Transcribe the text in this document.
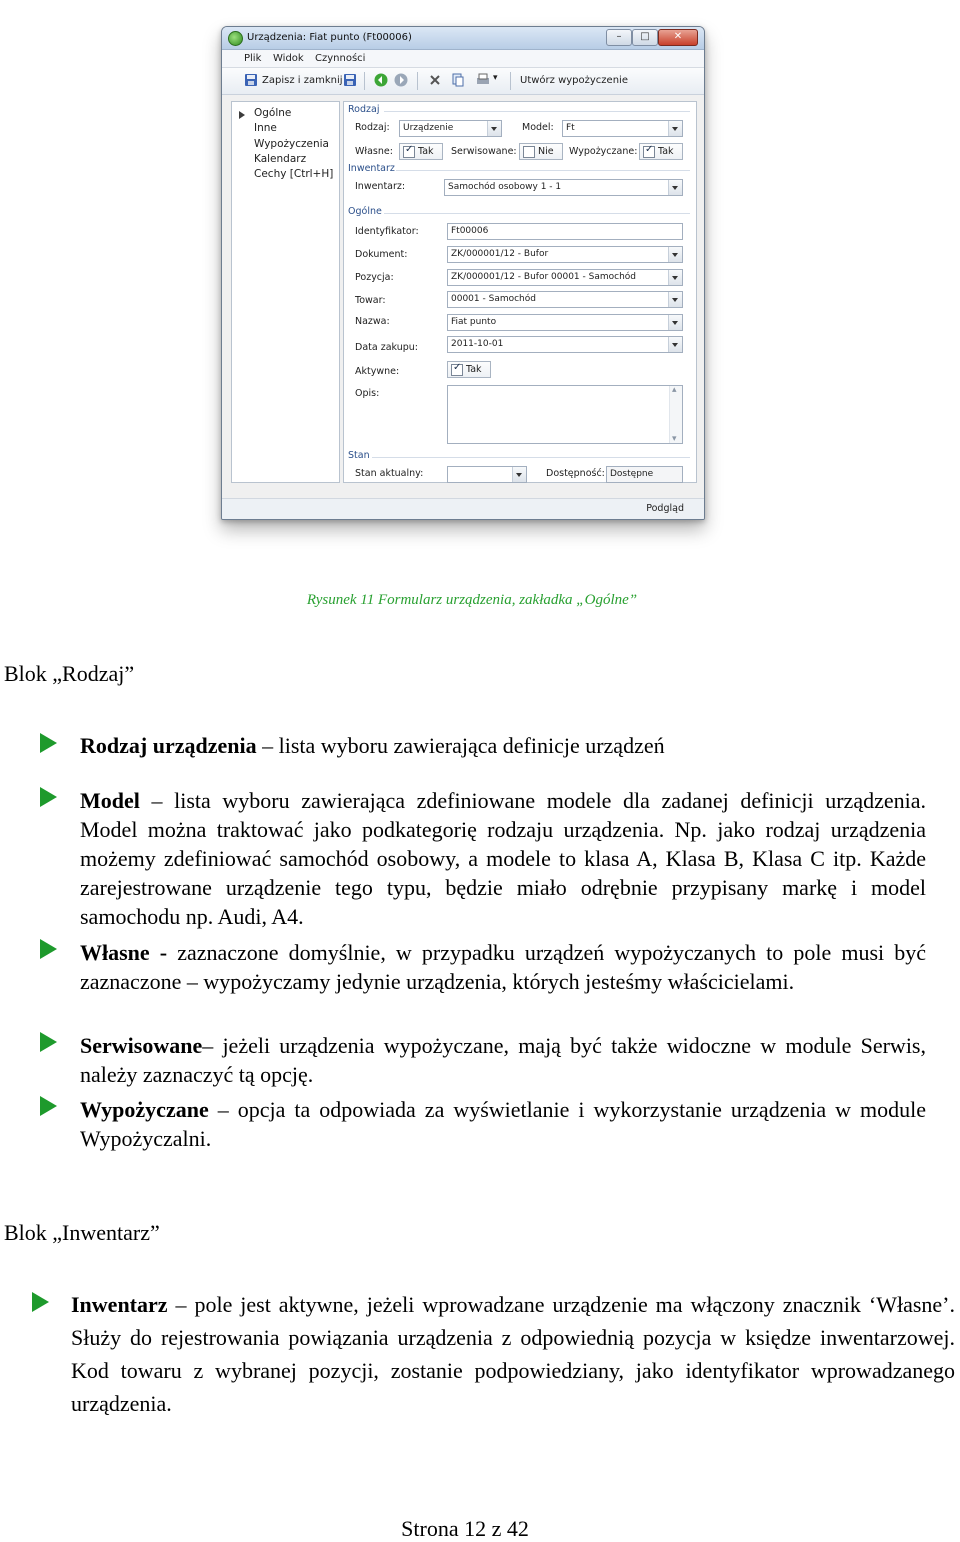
Urządzenia: Fiat punto (Ft00006)	–	□	✕
Plik Widok Czynności
Zapisz i zamknij	▾ Utwórz wypożyczenie
Ogólne
Inne
Wypożyczenia
Kalendarz
Cechy [Ctrl+H]
Rodzaj
Rodzaj: Urządzenie	Model: Ft
Własne: ✓	Tak Serwisowane: Nie Wypożyczane: ✓ Tak
Inwentarz
Inwentarz:	Samochód osobowy 1 - 1
Ogólne
Identyfikator:	Ft00006
Dokument:	ZK/000001/12 - Bufor
Pozycja:	ZK/000001/12 - Bufor 00001 - Samochód
Towar:	00001 - Samochód
Nazwa:	Fiat punto
Data zakupu:	2011-10-01
Aktywne: ✓	Tak
Opis:
▴ ▾
Stan
Stan aktualny:	Dostępność: Dostępne
Podgląd
Rysunek 11 Formularz urządzenia, zakładka „Ogólne”
Blok „Rodzaj”
Rodzaj urządzenia – lista wyboru zawierająca definicje urządzeń
Model – lista wyboru zawierająca zdefiniowane modele dla zadanej definicji urządzenia. Model można traktować jako podkategorię rodzaju urządzenia. Np. jako rodzaj urządzenia możemy zdefiniować samochód osobowy, a modele to klasa A, Klasa B, Klasa C itp. Każde zarejestrowane urządzenie tego typu, będzie miało odrębnie przypisany markę i model samochodu np. Audi, A4.
Własne - zaznaczone domyślnie, w przypadku urządzeń wypożyczanych to pole musi być zaznaczone – wypożyczamy jedynie urządzenia, których jesteśmy właścicielami.
Serwisowane– jeżeli urządzenia wypożyczane, mają być także widoczne w module Serwis, należy zaznaczyć tą opcję.
Wypożyczane – opcja ta odpowiada za wyświetlanie i wykorzystanie urządzenia w module Wypożyczalni.
Blok „Inwentarz”
Inwentarz – pole jest aktywne, jeżeli wprowadzane urządzenie ma włączony znacznik ‘Własne’. Służy do rejestrowania powiązania urządzenia z odpowiednią pozycja w księdze inwentarzowej. Kod towaru z wybranej pozycji, zostanie podpowiedziany, jako identyfikator wprowadzanego urządzenia.
Strona 12 z 42
